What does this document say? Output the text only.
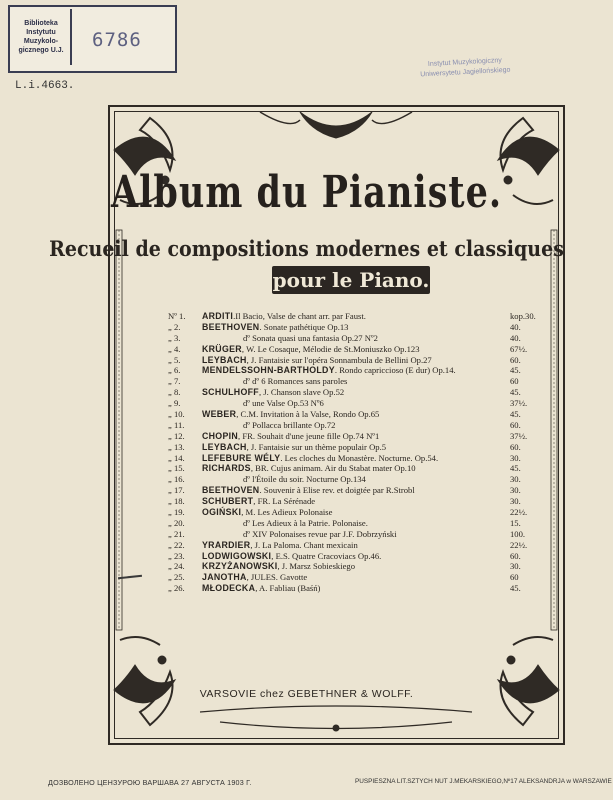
Biblioteka
Instytutu
Muzykolo-
gicznego U.J.	6786
Instytut Muzykologiczny
Uniwersytetu Jagiellońskiego
L.i.4663.
Album du Pianiste.
Recueil de compositions modernes et classiques
pour le Piano.
Nº 1.	ARDITI.Il Bacio, Valse de chant arr. par Faust.	kop.30.
„ 2.	BEETHOVEN. Sonate pathétique Op.13	40.
„ 3.	dº Sonata quasi una fantasia Op.27 Nº2	40.
„ 4.	KRÜGER, W. Le Cosaque, Mélodie de St.Moniuszko Op.123	67½.
„ 5.	LEYBACH, J. Fantaisie sur l'opéra Sonnambula de Bellini Op.27	60.
„ 6.	MENDELSSOHN-BARTHOLDY. Rondo capriccioso (E dur) Op.14.	45.
„ 7.	dº dº 6 Romances sans paroles	60
„ 8.	SCHULHOFF, J. Chanson slave Op.52	45.
„ 9.	dº une Valse Op.53 Nº6	37½.
„ 10.	WEBER, C.M. Invitation à la Valse, Rondo Op.65	45.
„ 11.	dº Pollacca brillante Op.72	60.
„ 12.	CHOPIN, FR. Souhait d'une jeune fille Op.74 Nº1	37½.
„ 13.	LEYBACH, J. Fantaisie sur un thème populair Op.5	60.
„ 14.	LEFEBURE WÉLY. Les cloches du Monastère. Nocturne. Op.54.	30.
„ 15.	RICHARDS, BR. Cujus animam. Air du Stabat mater Op.10	45.
„ 16.	dº l'Étoile du soir. Nocturne Op.134	30.
„ 17.	BEETHOVEN. Souvenir à Elise rev. et doigtée par R.Strobl	30.
„ 18.	SCHUBERT, FR. La Sérénade	30.
„ 19.	OGIŃSKI, M. Les Adieux Polonaise	22½.
„ 20.	dº Les Adieux à la Patrie. Polonaise.	15.
„ 21.	dº XIV Polonaises revue par J.F. Dobrzyński	100.
„ 22.	YRARDIER, J. La Paloma. Chant mexicain	22½.
„ 23.	LODWIGOWSKI, E.S. Quatre Cracoviacs Op.46.	60.
„ 24.	KRZYŻANOWSKI, J. Marsz Sobieskiego	30.
„ 25.	JANOTHA, JULES. Gavotte	60
„ 26.	MŁODECKA, A. Fabliau (Baśń)	45.
VARSOVIE chez GEBETHNER & WOLFF.
ДОЗВОЛЕНО ЦЕНЗУРОЮ ВАРШАВА 27 АВГУСТА 1903 Г.	PUSPIESZNA LIT.SZTYCH NUT J.MEKARSKIEGO,Nº17 ALEKSANDRJA w WARSZAWIE
